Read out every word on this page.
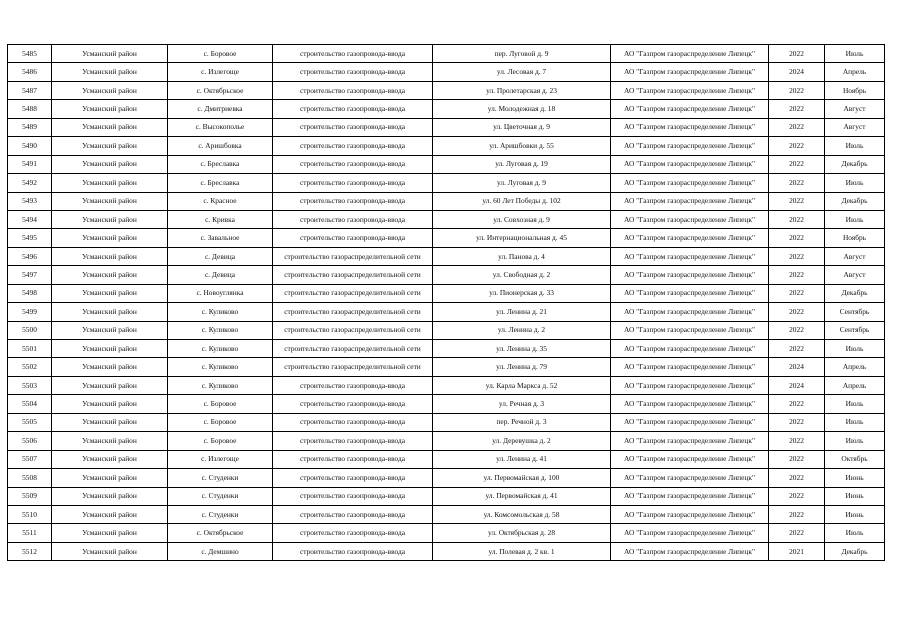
5485	Усманский район	с. Боровое	строительство газопровода-ввода	пер. Луговой д. 9	АО "Газпром газораспределение Липецк"	2022	Июль
5486	Усманский район	с. Излегоще	строительство газопровода-ввода	ул. Лесовая д. 7	АО "Газпром газораспределение Липецк"	2024	Апрель
5487	Усманский район	с. Октябрьское	строительство газопровода-ввода	ул. Пролетарская д. 23	АО "Газпром газораспределение Липецк"	2022	Ноябрь
5488	Усманский район	с. Дмитриевка	строительство газопровода-ввода	ул. Молодежная д. 18	АО "Газпром газораспределение Липецк"	2022	Август
5489	Усманский район	с. Высокополье	строительство газопровода-ввода	ул. Цветочная д. 9	АО "Газпром газораспределение Липецк"	2022	Август
5490	Усманский район	с. Аришбовка	строительство газопровода-ввода	ул. Аришбовки д. 55	АО "Газпром газораспределение Липецк"	2022	Июль
5491	Усманский район	с. Бреславка	строительство газопровода-ввода	ул. Луговая д. 19	АО "Газпром газораспределение Липецк"	2022	Декабрь
5492	Усманский район	с. Бреславка	строительство газопровода-ввода	ул. Луговая д. 9	АО "Газпром газораспределение Липецк"	2022	Июль
5493	Усманский район	с. Красное	строительство газопровода-ввода	ул. 60 Лет Победы д. 102	АО "Газпром газораспределение Липецк"	2022	Декабрь
5494	Усманский район	с. Кривка	строительство газопровода-ввода	ул. Совхозная д. 9	АО "Газпром газораспределение Липецк"	2022	Июль
5495	Усманский район	с. Завальное	строительство газопровода-ввода	ул. Интернациональная д. 45	АО "Газпром газораспределение Липецк"	2022	Ноябрь
5496	Усманский район	с. Девица	строительство газораспределительной сети	ул. Панова д. 4	АО "Газпром газораспределение Липецк"	2022	Август
5497	Усманский район	с. Девица	строительство газораспределительной сети	ул. Свободная д. 2	АО "Газпром газораспределение Липецк"	2022	Август
5498	Усманский район	с. Новоуглянка	строительство газораспределительной сети	ул. Пионерская д. 33	АО "Газпром газораспределение Липецк"	2022	Декабрь
5499	Усманский район	с. Куликово	строительство газораспределительной сети	ул. Ленина д. 21	АО "Газпром газораспределение Липецк"	2022	Сентябрь
5500	Усманский район	с. Куликово	строительство газораспределительной сети	ул. Ленина д. 2	АО "Газпром газораспределение Липецк"	2022	Сентябрь
5501	Усманский район	с. Куликово	строительство газораспределительной сети	ул. Ленина д. 35	АО "Газпром газораспределение Липецк"	2022	Июль
5502	Усманский район	с. Куликово	строительство газораспределительной сети	ул. Ленина д. 79	АО "Газпром газораспределение Липецк"	2024	Апрель
5503	Усманский район	с. Куликово	строительство газопровода-ввода	ул. Карла Маркса д. 52	АО "Газпром газораспределение Липецк"	2024	Апрель
5504	Усманский район	с. Боровое	строительство газопровода-ввода	ул. Речная д. 3	АО "Газпром газораспределение Липецк"	2022	Июль
5505	Усманский район	с. Боровое	строительство газопровода-ввода	пер. Речной д. 3	АО "Газпром газораспределение Липецк"	2022	Июль
5506	Усманский район	с. Боровое	строительство газопровода-ввода	ул. Деревушка д. 2	АО "Газпром газораспределение Липецк"	2022	Июль
5507	Усманский район	с. Излегоще	строительство газопровода-ввода	ул. Ленина д. 41	АО "Газпром газораспределение Липецк"	2022	Октябрь
5508	Усманский район	с. Студенки	строительство газопровода-ввода	ул. Первомайская д. 100	АО "Газпром газораспределение Липецк"	2022	Июнь
5509	Усманский район	с. Студенки	строительство газопровода-ввода	ул. Первомайская д. 41	АО "Газпром газораспределение Липецк"	2022	Июнь
5510	Усманский район	с. Студенки	строительство газопровода-ввода	ул. Комсомольская д. 58	АО "Газпром газораспределение Липецк"	2022	Июнь
5511	Усманский район	с. Октябрьское	строительство газопровода-ввода	ул. Октябрьская д. 28	АО "Газпром газораспределение Липецк"	2022	Июль
5512	Усманский район	с. Демшино	строительство газопровода-ввода	ул. Полевая д. 2 кв. 1	АО "Газпром газораспределение Липецк"	2021	Декабрь
